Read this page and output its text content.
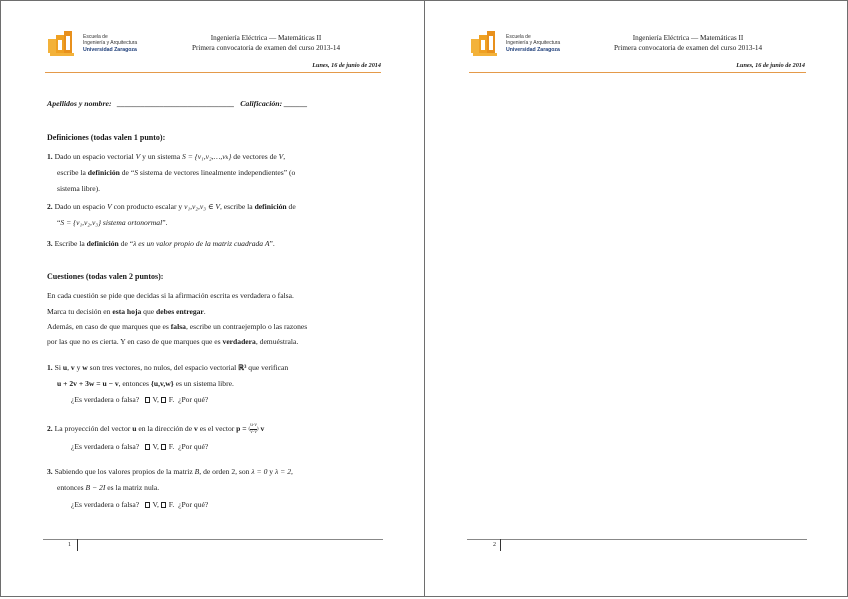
Escuela de
Ingeniería y Arquitectura
Universidad Zaragoza
Ingeniería Eléctrica — Matemáticas II
Primera convocatoria de examen del curso 2013-14
Lunes, 16 de junio de 2014
Apellidos y nombre: ______________________________ Calificación: ______
Definiciones (todas valen 1 punto):
1. Dado un espacio vectorial V y un sistema S = {v₁,v₂,…,vₖ} de vectores de V,
escribe la definición de “S sistema de vectores linealmente independientes” (o
sistema libre).
2. Dado un espacio V con producto escalar y v₁,v₂,v₃ ∈ V, escribe la definición de
“S = {v₁,v₂,v₃} sistema ortonormal”.
3. Escribe la definición de “λ es un valor propio de la matriz cuadrada A”.
Cuestiones (todas valen 2 puntos):
En cada cuestión se pide que decidas si la afirmación escrita es verdadera o falsa.
Marca tu decisión en esta hoja que debes entregar.
Además, en caso de que marques que es falsa, escribe un contraejemplo o las razones
por las que no es cierta. Y en caso de que marques que es verdadera, demuéstrala.
1. Si u, v y w son tres vectores, no nulos, del espacio vectorial ℝ³ que verifican
u + 2v + 3w = u − v, entonces {u,v,w} es un sistema libre.
¿Es verdadera o falsa?    V,  F. ¿Por qué?
2. La proyección del vector u en la dirección de v es el vector p = ( $\frac{u\cdot v}{v\cdot v}$ ) v
¿Es verdadera o falsa?    V,  F. ¿Por qué?
3. Sabiendo que los valores propios de la matriz B, de orden 2, son λ = 0 y λ = 2,
entonces B − 2I es la matriz nula.
¿Es verdadera o falsa?    V,  F. ¿Por qué?
1
Escuela de
Ingeniería y Arquitectura
Universidad Zaragoza
Ingeniería Eléctrica — Matemáticas II
Primera convocatoria de examen del curso 2013-14
Lunes, 16 de junio de 2014
2
